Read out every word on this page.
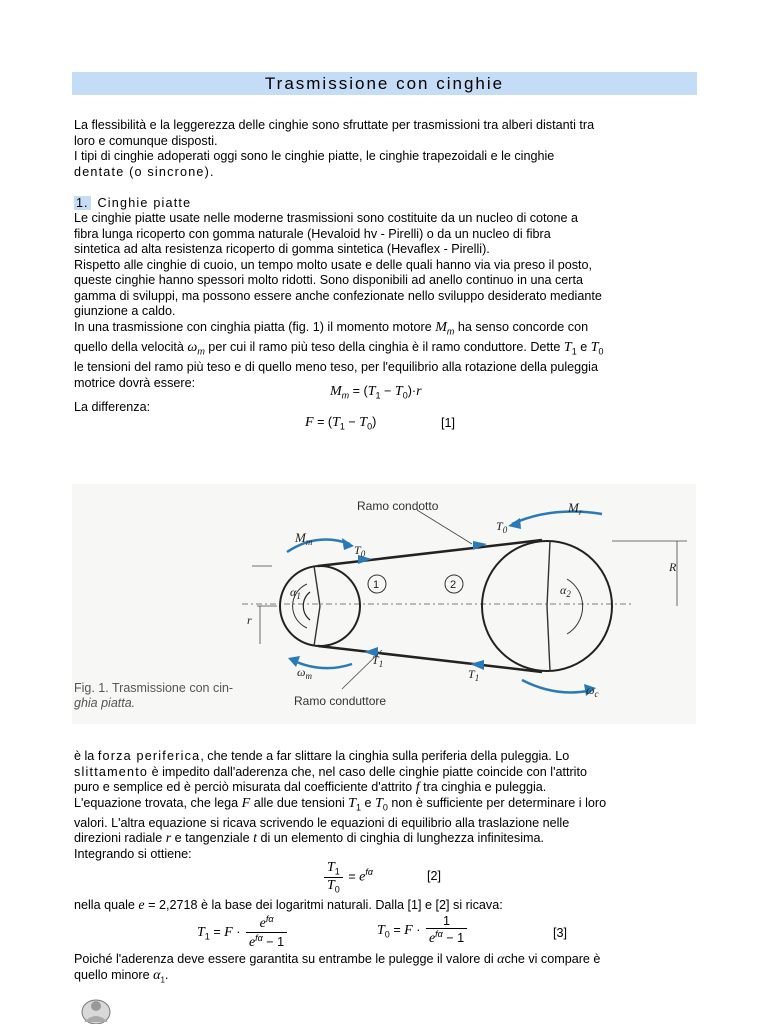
Trasmissione con cinghie
La flessibilità e la leggerezza delle cinghie sono sfruttate per trasmissioni tra alberi distanti tra
loro e comunque disposti.
I tipi di cinghie adoperati oggi sono le cinghie piatte, le cinghie trapezoidali e le cinghie
dentate (o sincrone).
1. Cinghie piatte
Le cinghie piatte usate nelle moderne trasmissioni sono costituite da un nucleo di cotone a
fibra lunga ricoperto con gomma naturale (Hevaloid hv - Pirelli) o da un nucleo di fibra
sintetica ad alta resistenza ricoperto di gomma sintetica (Hevaflex - Pirelli).
Rispetto alle cinghie di cuoio, un tempo molto usate e delle quali hanno via via preso il posto,
queste cinghie hanno spessori molto ridotti. Sono disponibili ad anello continuo in una certa
gamma di sviluppi, ma possono essere anche confezionate nello sviluppo desiderato mediante
giunzione a caldo.
In una trasmissione con cinghia piatta (fig. 1) il momento motore $M_m$ ha senso concorde con
quello della velocità $\omega_m$ per cui il ramo più teso della cinghia è il ramo conduttore. Dette $T_1$ e $T_0$
le tensioni del ramo più teso e di quello meno teso, per l'equilibrio alla rotazione della puleggia
motrice dovrà essere:
$M_m = (T_1 - T_0)\cdot r$
La differenza:
$F = (T_1 - T_0)$	[1]
Ramo condotto
Ramo conduttore
$M_m$
$M_r$
$T_0$
$T_0$
$T_1$
$T_1$
$\alpha_1$	$\alpha_2$
$\omega_m$
$\omega_c$
R
r
1	2
Fig. 1. Trasmissione con cin-
ghia piatta.
è la forza periferica, che tende a far slittare la cinghia sulla periferia della puleggia. Lo
slittamento è impedito dall'aderenza che, nel caso delle cinghie piatte coincide con l'attrito
puro e semplice ed è perciò misurata dal coefficiente d'attrito f tra cinghia e puleggia.
L'equazione trovata, che lega F alle due tensioni $T_1$ e $T_0$ non è sufficiente per determinare i loro
valori. L'altra equazione si ricava scrivendo le equazioni di equilibrio alla traslazione nelle
direzioni radiale r e tangenziale t di un elemento di cinghia di lunghezza infinitesima.
Integrando si ottiene:
$\frac{T_1}{T_0} = e^{f\alpha}$	[2]
nella quale e = 2,2718 è la base dei logaritmi naturali. Dalla [1] e [2] si ricava:
$T_1 = F \cdot \frac{e^{f\alpha}}{e^{f\alpha} - 1}$	$T_0 = F \cdot \frac{1}{e^{f\alpha} - 1}$	[3]
Poiché l'aderenza deve essere garantita su entrambe le pulegge il valore di αche vi compare è
quello minore $\alpha_1$.
